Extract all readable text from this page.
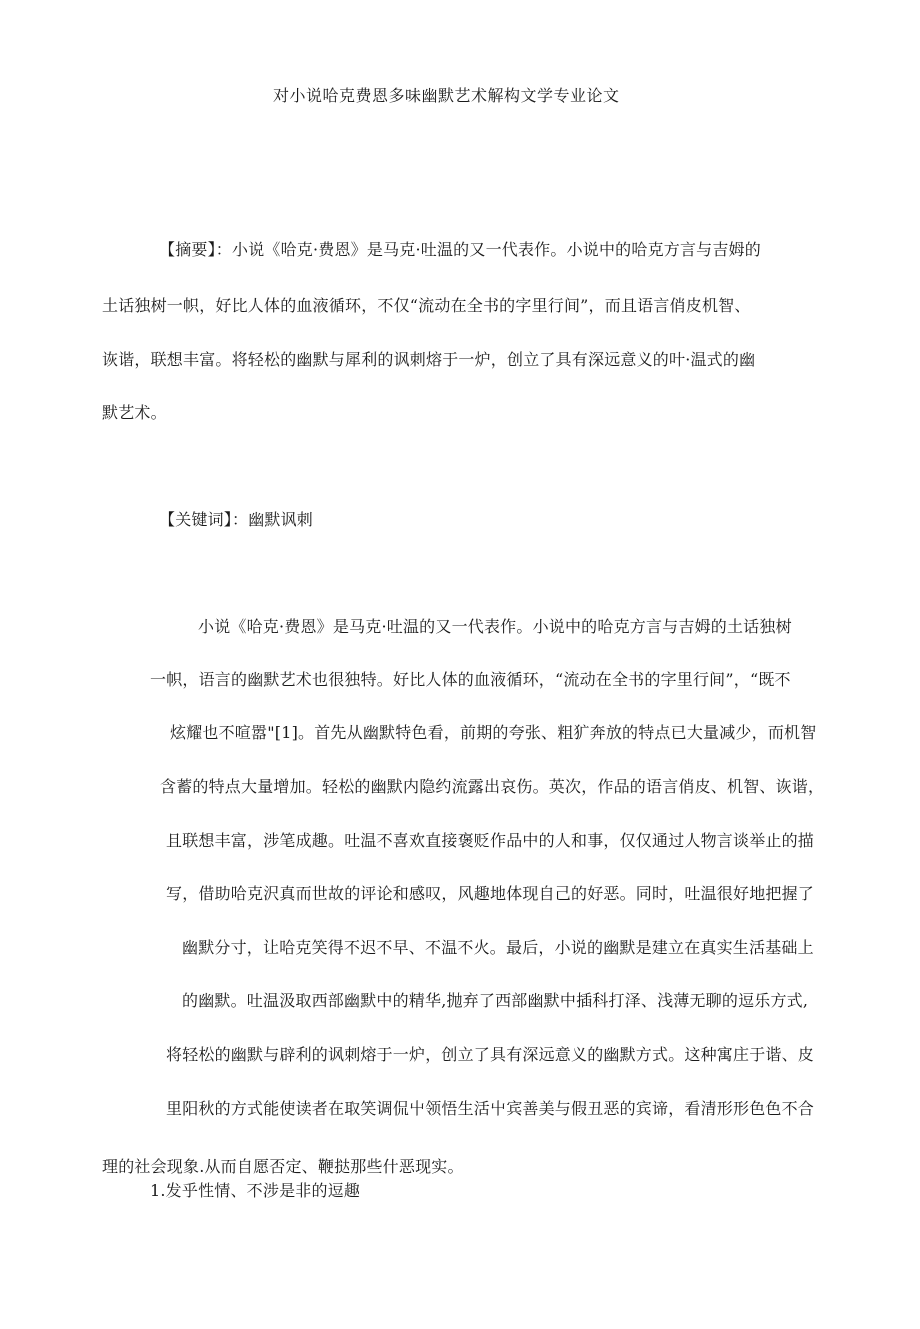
对小说哈克费恩多味幽默艺术解构文学专业论文
【摘要】：小说《哈克·费恩》是马克·吐温的又一代表作。小说中的哈克方言与吉姆的
土话独树一帜，好比人体的血液循环，不仅“流动在全书的字里行间”，而且语言俏皮机智、
诙谐，联想丰富。将轻松的幽默与犀利的讽刺熔于一炉，创立了具有深远意义的叶·温式的幽
默艺术。
【关键词】：幽默讽刺
小说《哈克·费恩》是马克·吐温的又一代表作。小说中的哈克方言与吉姆的土话独树
一帜，语言的幽默艺术也很独特。好比人体的血液循环，“流动在全书的字里行间”，“既不
炫耀也不喧嚣"[1]。首先从幽默特色看，前期的夸张、粗犷奔放的特点已大量减少，而机智
含蓄的特点大量增加。轻松的幽默内隐约流露出哀伤。英次，作品的语言俏皮、机智、诙谐，
且联想丰富，涉笔成趣。吐温不喜欢直接褒贬作品中的人和事，仅仅通过人物言谈举止的描
写，借助哈克沢真而世故的评论和感叹，风趣地体现自己的好恶。同时，吐温很好地把握了
幽默分寸，让哈克笑得不迟不早、不温不火。最后，小说的幽默是建立在真实生活基础上
的幽默。吐温汲取西部幽默中的精华,抛弃了西部幽默中插科打泽、浅薄无聊的逗乐方式,
将轻松的幽默与辟利的讽刺熔于一炉，创立了具有深远意义的幽默方式。这种寓庄于谐、皮
里阳秋的方式能使读者在取笑调侃屮领悟生活屮宾善美与假丑恶的宾谛，看清形形色色不合
理的社会现象.从而自愿否定、鞭挞那些什恶现实。
1.发乎性情、不涉是非的逗趣
